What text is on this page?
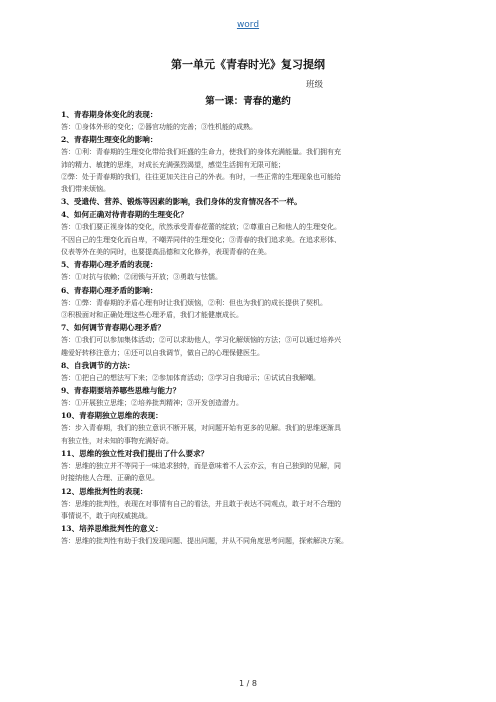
word
第一单元《青春时光》复习提纲
班级
第一课：青春的邀约
1、青春期身体变化的表现：
答：①身体外形的变化；②器官功能的完善；③性机能的成熟。
2、青春期生理变化的影响：
答：①利：青春期的生理变化带给我们旺盛的生命力，使我们的身体充满能量。我们拥有充
沛的精力、敏捷的思维，对成长充满强烈渴望，感觉生活拥有无限可能；
②弊：处于青春期的我们，往往更加关注自己的外表。有时，一些正常的生理现象也可能给
我们带来烦恼。
3、受遗传、营养、锻炼等因素的影响，我们身体的发育情况各不一样。
4、如何正确对待青春期的生理变化？
答：①我们要正视身体的变化，欣然承受青春花蕾的绽放；②尊重自己和他人的生理变化。
不因自己的生理变化而自卑，不嘲弄同伴的生理变化；③青春的我们追求美。在追求形体、
仪表等外在美的同时，也要提高品德和文化修养，表现青春的在美。
5、青春期心理矛盾的表现：
答：①对抗与依赖；②闭锁与开放；③勇敢与怯懦。
6、青春期心理矛盾的影响：
答：①弊：青春期的矛盾心理有时让我们烦恼，②利：但也为我们的成长提供了契机。
③积极面对和正确处理这些心理矛盾，我们才能健康成长。
7、如何调节青春期心理矛盾？
答：①我们可以参加集体活动；②可以求助他人，学习化解烦恼的方法；③可以通过培养兴
趣爱好转移注意力；④还可以自我调节，做自己的心理保健医生。
8、自我调节的方法：
答：①把自己的想法写下来；②参加体育活动；③学习自我暗示；④试试自我解嘲。
9、青春期要培养哪些思维与能力？
答：①开展独立思维；②培养批判精神；③开发创造潜力。
10、青春期独立思维的表现：
答：步入青春期，我们的独立意识不断开展，对问题开始有更多的见解。我们的思维逐渐具
有独立性，对未知的事物充满好奇。
11、思维的独立性对我们提出了什么要求？
答：思维的独立并不等同于一味追求独特，而是意味着不人云亦云，有自己独到的见解，同
时接纳他人合理、正确的意见。
12、思维批判性的表现：
答：思维的批判性，表现在对事情有自己的看法，并且敢于表达不同观点，敢于对不合理的
事情说不，敢于向权威挑战。
13、培养思维批判性的意义：
答：思维的批判性有助于我们发现问题、提出问题，并从不同角度思考问题，探索解决方案。
1 / 8
